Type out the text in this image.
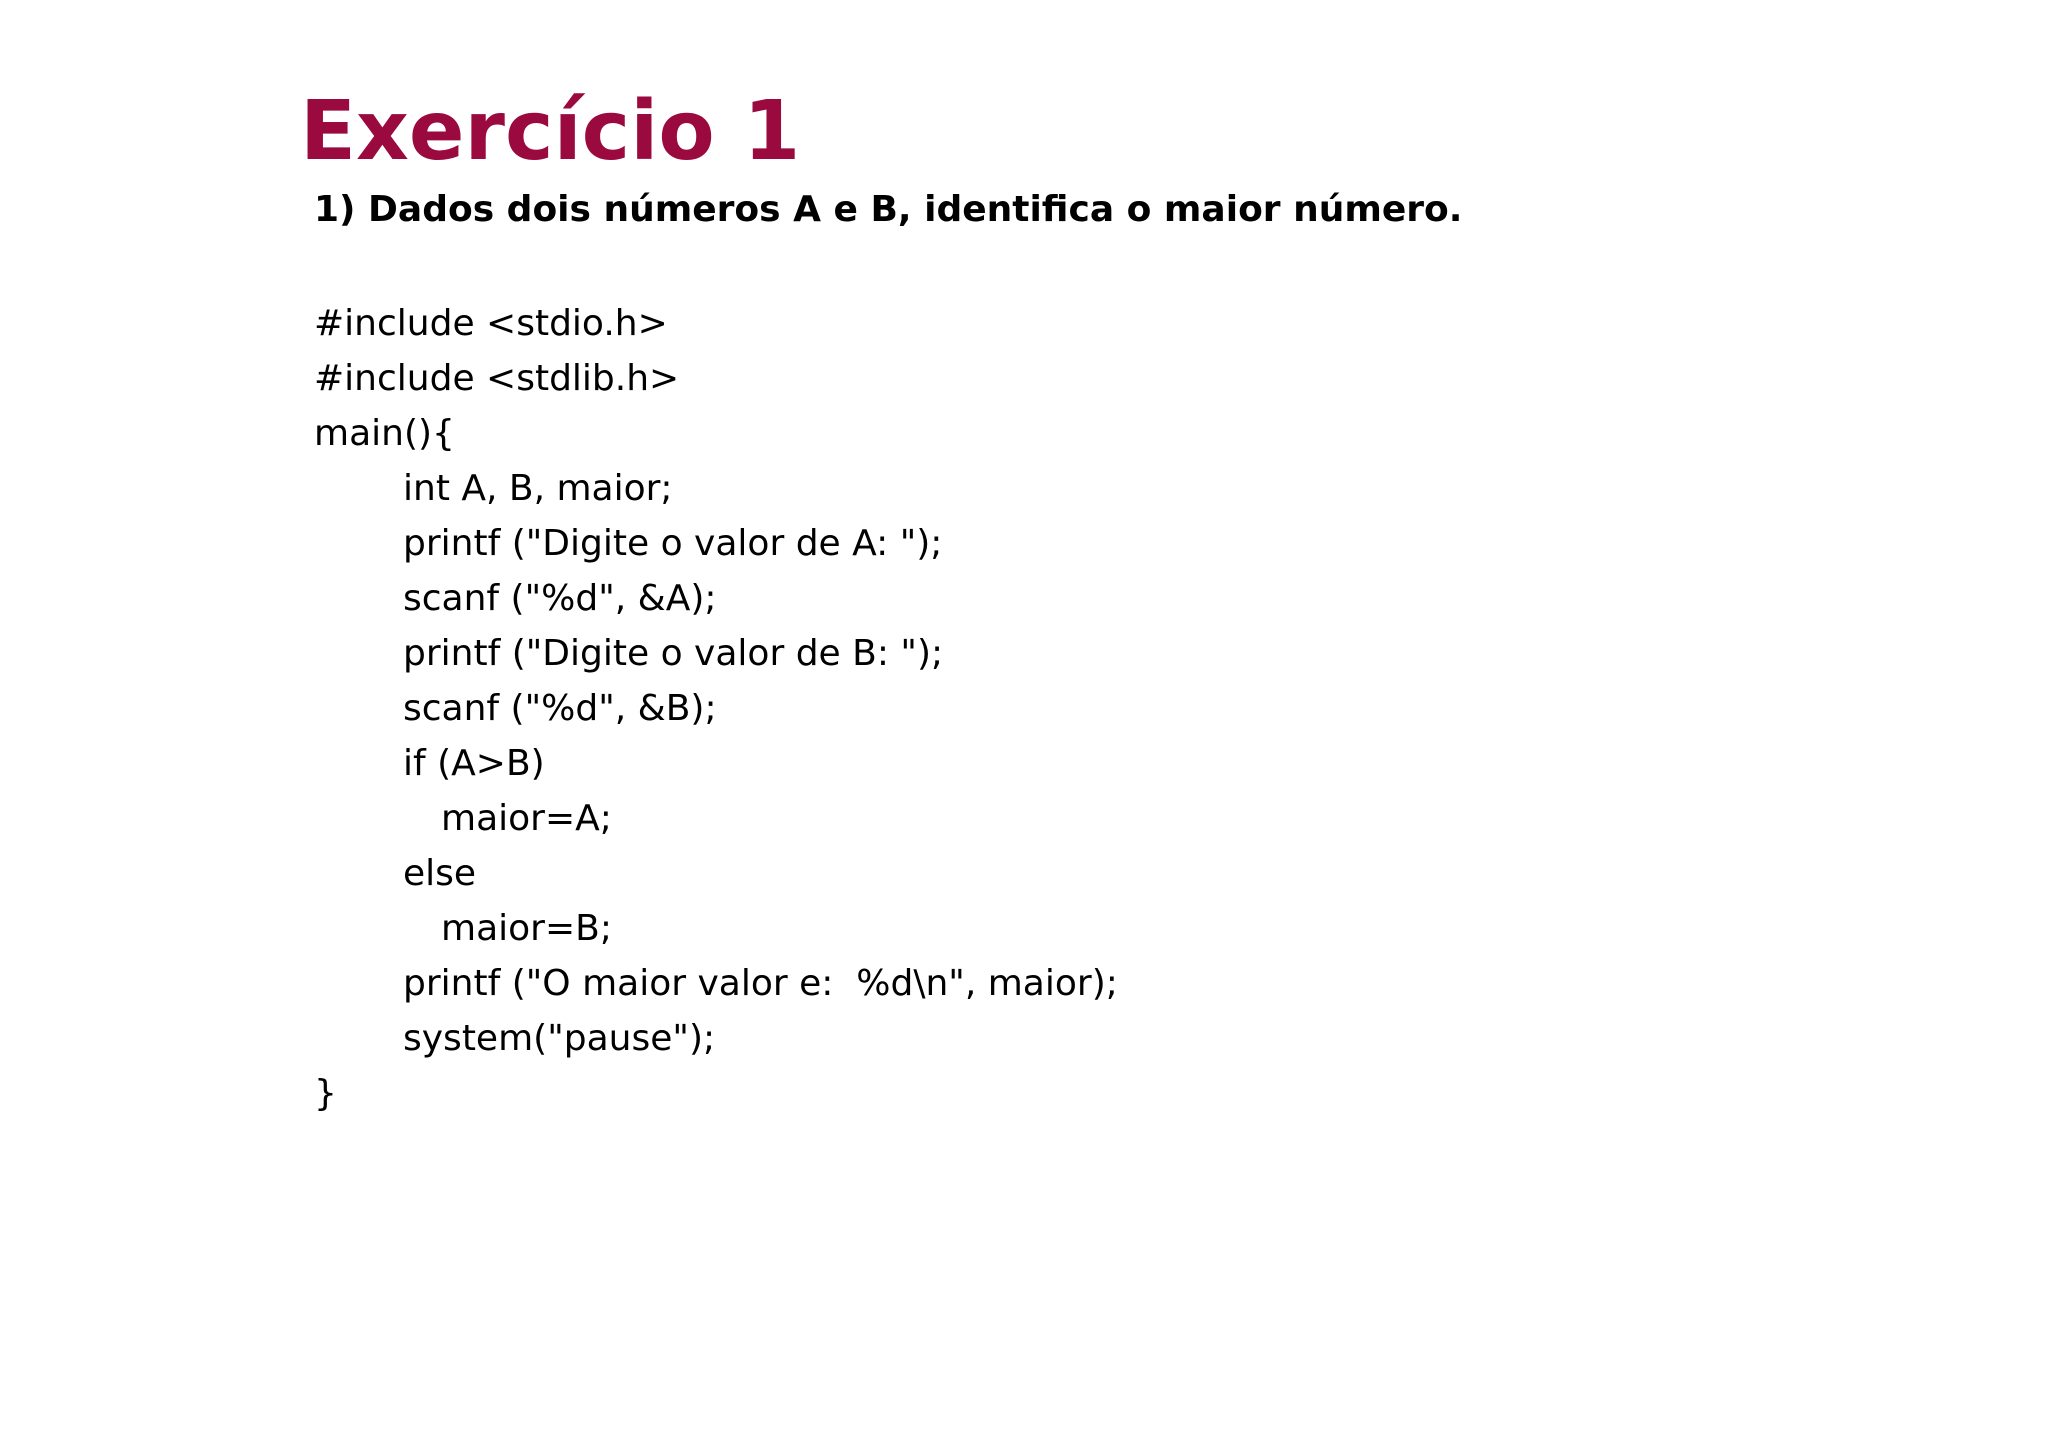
Exercício 1

1) Dados dois números A e B, identifica o maior número.

#include <stdio.h>
#include <stdlib.h>
main(){
int A, B, maior;
printf ("Digite o valor de A: ");
scanf ("%d", &A);
printf ("Digite o valor de B: ");
scanf ("%d", &B);
if (A>B)
maior=A;
else
maior=B;
printf ("O maior valor e:  %d\n", maior);
system("pause");
}
